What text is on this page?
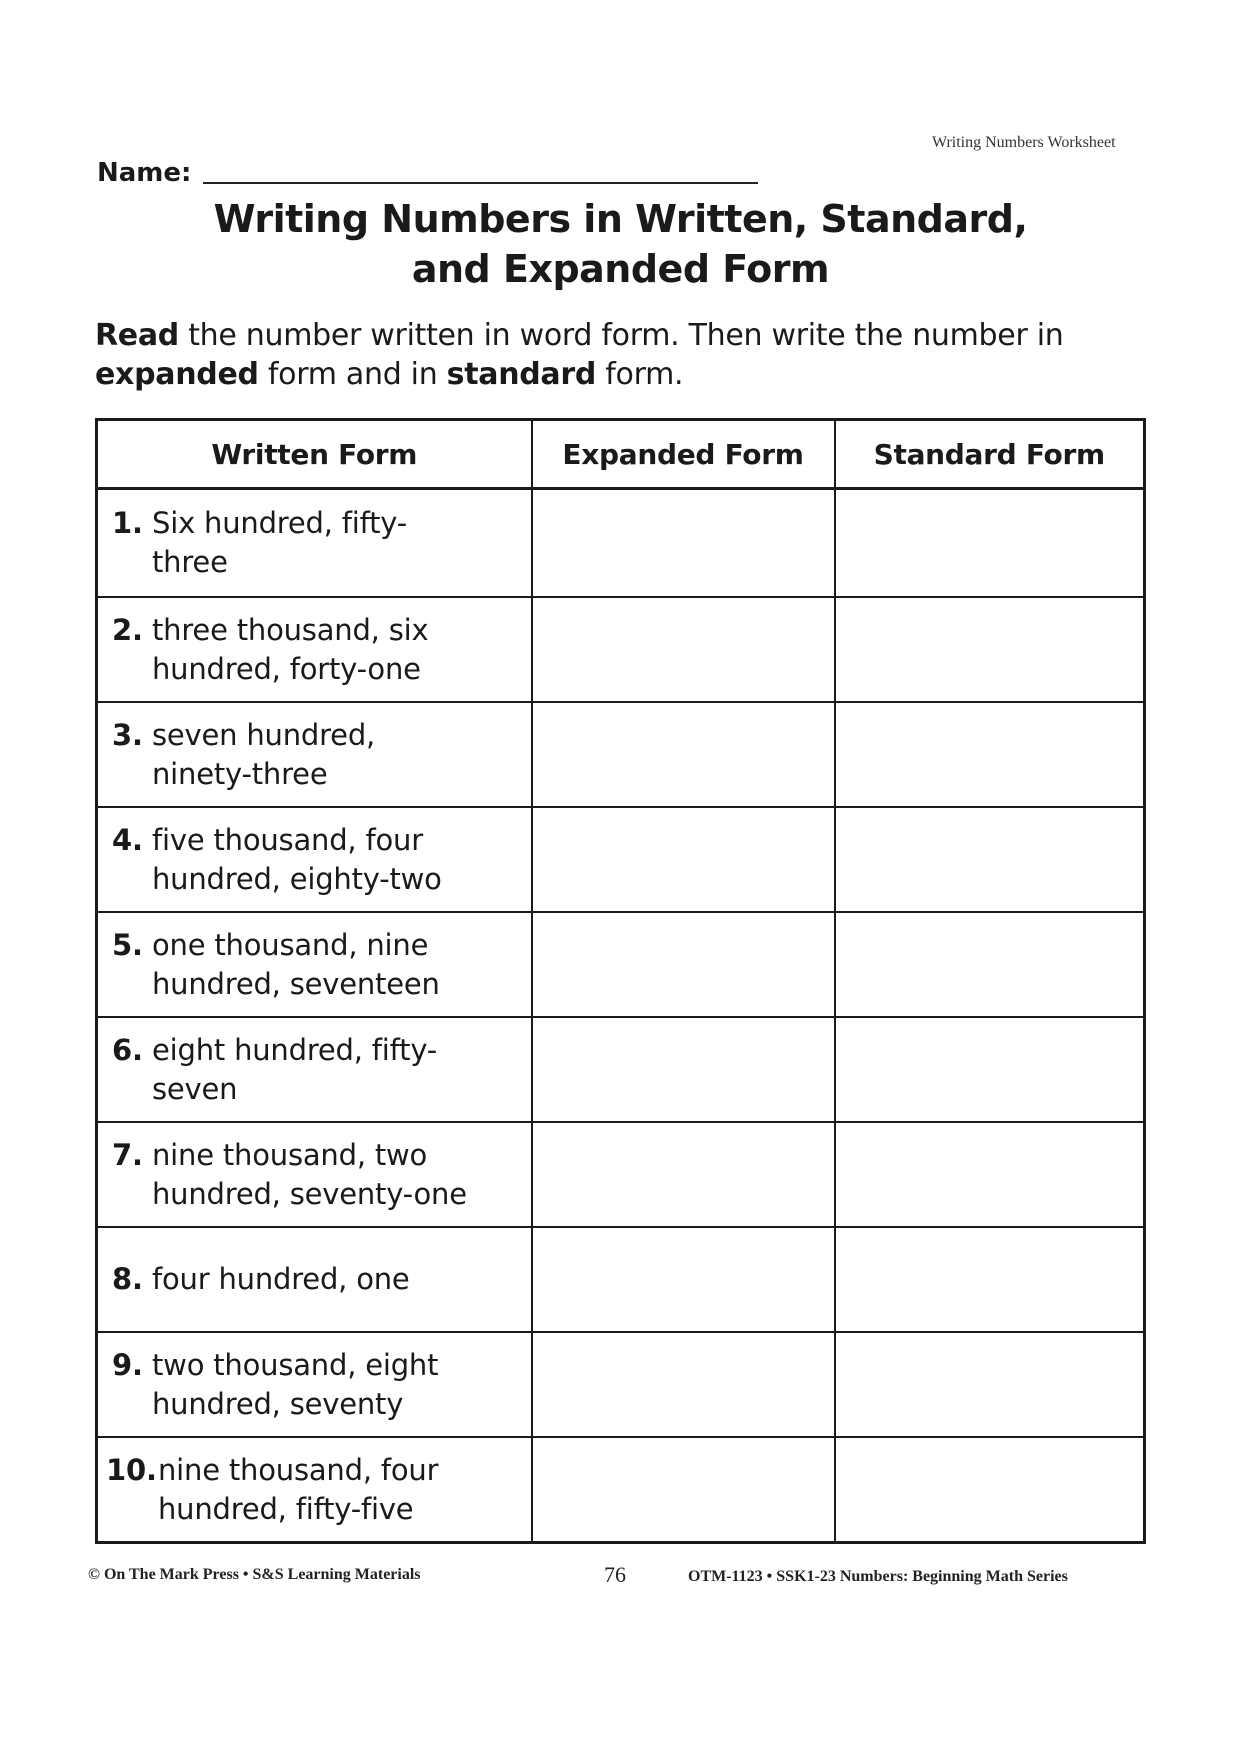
Writing Numbers Worksheet
Name:
Writing Numbers in Written, Standard,
and Expanded Form
Read the number written in word form. Then write the number in expanded form and in standard form.
Written Form	Expanded Form	Standard Form

1. Six hundred, fifty-three		

2. three thousand, six hundred, forty-one		

3. seven hundred, ninety-three		

4. five thousand, four hundred, eighty-two		

5. one thousand, nine hundred, seventeen		

6. eight hundred, fifty-seven		

7. nine thousand, two hundred, seventy-one		

8. four hundred, one		

9. two thousand, eight hundred, seventy		

10. nine thousand, four hundred, fifty-five		

© On The Mark Press • S&S Learning Materials	76	OTM-1123 • SSK1-23 Numbers: Beginning Math Series
